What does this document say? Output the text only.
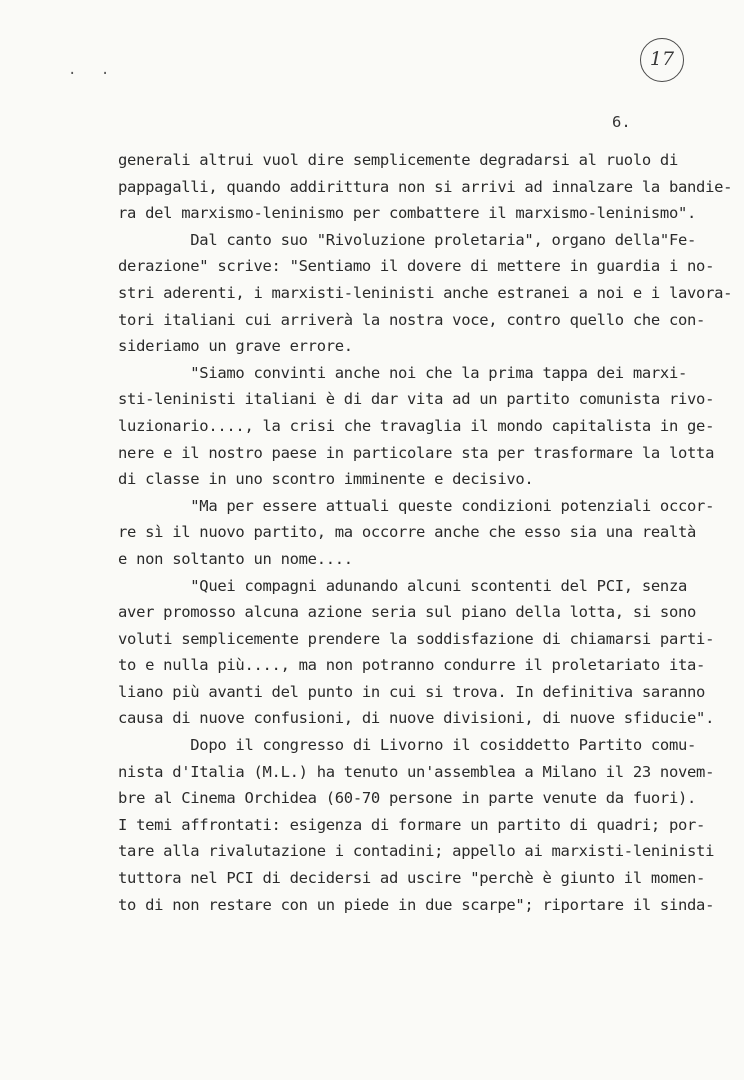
. .	17
6.
generali altrui vuol dire semplicemente degradarsi al ruolo di
pappagalli, quando addirittura non si arrivi ad innalzare la bandie-
ra del marxismo-leninismo per combattere il marxismo-leninismo".
Dal canto suo "Rivoluzione proletaria", organo della"Fe-
derazione" scrive: "Sentiamo il dovere di mettere in guardia i no-
stri aderenti, i marxisti-leninisti anche estranei a noi e i lavora-
tori italiani cui arriverà la nostra voce, contro quello che con-
sideriamo un grave errore.
"Siamo convinti anche noi che la prima tappa dei marxi-
sti-leninisti italiani è di dar vita ad un partito comunista rivo-
luzionario...., la crisi che travaglia il mondo capitalista in ge-
nere e il nostro paese in particolare sta per trasformare la lotta
di classe in uno scontro imminente e decisivo.
"Ma per essere attuali queste condizioni potenziali occor-
re sì il nuovo partito, ma occorre anche che esso sia una realtà
e non soltanto un nome....
"Quei compagni adunando alcuni scontenti del PCI, senza
aver promosso alcuna azione seria sul piano della lotta, si sono
voluti semplicemente prendere la soddisfazione di chiamarsi parti-
to e nulla più...., ma non potranno condurre il proletariato ita-
liano più avanti del punto in cui si trova. In definitiva saranno
causa di nuove confusioni, di nuove divisioni, di nuove sfiducie".
Dopo il congresso di Livorno il cosiddetto Partito comu-
nista d'Italia (M.L.) ha tenuto un'assemblea a Milano il 23 novem-
bre al Cinema Orchidea (60-70 persone in parte venute da fuori).
I temi affrontati: esigenza di formare un partito di quadri; por-
tare alla rivalutazione i contadini; appello ai marxisti-leninisti
tuttora nel PCI di decidersi ad uscire "perchè è giunto il momen-
to di non restare con un piede in due scarpe"; riportare il sinda-
